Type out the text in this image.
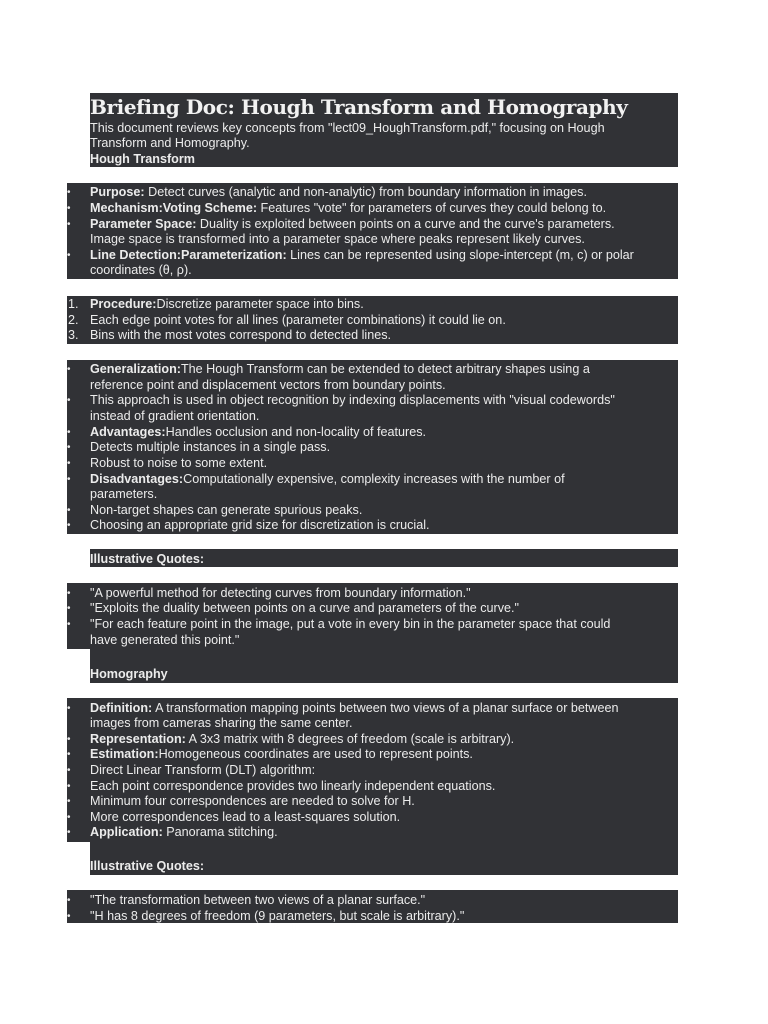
Briefing Doc: Hough Transform and Homography
This document reviews key concepts from "lect09_HoughTransform.pdf," focusing on Hough
Transform and Homography.
Hough Transform
•	Purpose: Detect curves (analytic and non-analytic) from boundary information in images.
•	Mechanism:Voting Scheme: Features "vote" for parameters of curves they could belong to.
•	Parameter Space: Duality is exploited between points on a curve and the curve's parameters.
Image space is transformed into a parameter space where peaks represent likely curves.
•	Line Detection:Parameterization: Lines can be represented using slope-intercept (m, c) or polar
coordinates (θ, ρ).
1. Procedure:Discretize parameter space into bins.
2. Each edge point votes for all lines (parameter combinations) it could lie on.
3. Bins with the most votes correspond to detected lines.
•	Generalization:The Hough Transform can be extended to detect arbitrary shapes using a
reference point and displacement vectors from boundary points.
•	This approach is used in object recognition by indexing displacements with "visual codewords"
instead of gradient orientation.
•	Advantages:Handles occlusion and non-locality of features.
•	Detects multiple instances in a single pass.
•	Robust to noise to some extent.
•	Disadvantages:Computationally expensive, complexity increases with the number of
parameters.
•	Non-target shapes can generate spurious peaks.
•	Choosing an appropriate grid size for discretization is crucial.
Illustrative Quotes:
•	"A powerful method for detecting curves from boundary information."
•	"Exploits the duality between points on a curve and parameters of the curve."
•	"For each feature point in the image, put a vote in every bin in the parameter space that could
have generated this point."
Homography
•	Definition: A transformation mapping points between two views of a planar surface or between
images from cameras sharing the same center.
•	Representation: A 3x3 matrix with 8 degrees of freedom (scale is arbitrary).
•	Estimation:Homogeneous coordinates are used to represent points.
•	Direct Linear Transform (DLT) algorithm:
•	Each point correspondence provides two linearly independent equations.
•	Minimum four correspondences are needed to solve for H.
•	More correspondences lead to a least-squares solution.
•	Application: Panorama stitching.
Illustrative Quotes:
•	"The transformation between two views of a planar surface."
•	"H has 8 degrees of freedom (9 parameters, but scale is arbitrary)."
